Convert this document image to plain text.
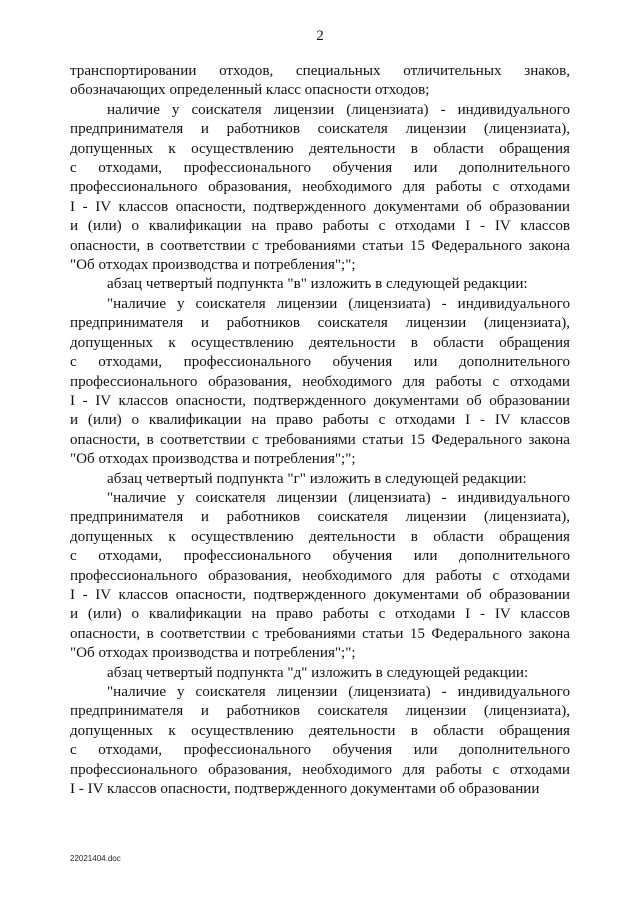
2

транспортировании отходов, специальных отличительных знаков,
обозначающих определенный класс опасности отходов;

наличие у соискателя лицензии (лицензиата) - индивидуального
предпринимателя и работников соискателя лицензии (лицензиата),
допущенных к осуществлению деятельности в области обращения
с отходами, профессионального обучения или дополнительного
профессионального образования, необходимого для работы с отходами
I - IV классов опасности, подтвержденного документами об образовании
и (или) о квалификации на право работы с отходами I - IV классов
опасности, в соответствии с требованиями статьи 15 Федерального закона
"Об отходах производства и потребления";";

абзац четвертый подпункта "в" изложить в следующей редакции:

"наличие у соискателя лицензии (лицензиата) - индивидуального
предпринимателя и работников соискателя лицензии (лицензиата),
допущенных к осуществлению деятельности в области обращения
с отходами, профессионального обучения или дополнительного
профессионального образования, необходимого для работы с отходами
I - IV классов опасности, подтвержденного документами об образовании
и (или) о квалификации на право работы с отходами I - IV классов
опасности, в соответствии с требованиями статьи 15 Федерального закона
"Об отходах производства и потребления";";

абзац четвертый подпункта "г" изложить в следующей редакции:

"наличие у соискателя лицензии (лицензиата) - индивидуального
предпринимателя и работников соискателя лицензии (лицензиата),
допущенных к осуществлению деятельности в области обращения
с отходами, профессионального обучения или дополнительного
профессионального образования, необходимого для работы с отходами
I - IV классов опасности, подтвержденного документами об образовании
и (или) о квалификации на право работы с отходами I - IV классов
опасности, в соответствии с требованиями статьи 15 Федерального закона
"Об отходах производства и потребления";";

абзац четвертый подпункта "д" изложить в следующей редакции:

"наличие у соискателя лицензии (лицензиата) - индивидуального
предпринимателя и работников соискателя лицензии (лицензиата),
допущенных к осуществлению деятельности в области обращения
с отходами, профессионального обучения или дополнительного
профессионального образования, необходимого для работы с отходами
I - IV классов опасности, подтвержденного документами об образовании

22021404.doc
